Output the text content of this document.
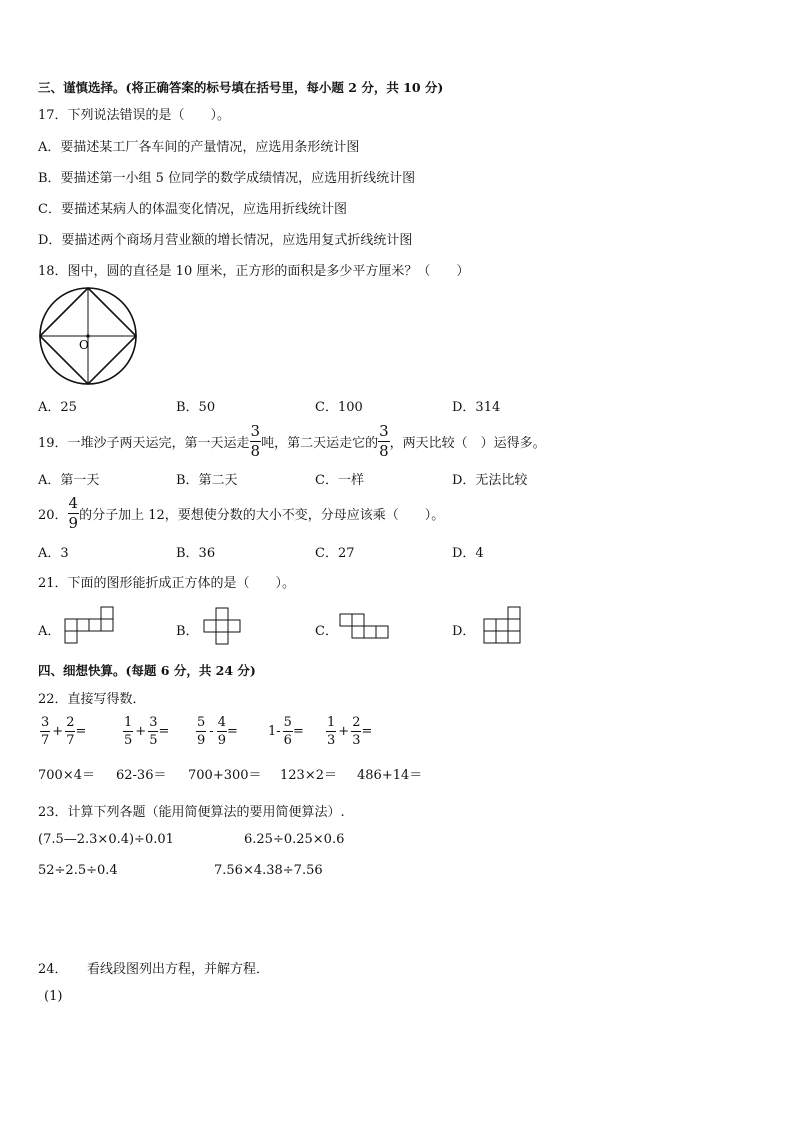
三、谨慎选择。(将正确答案的标号填在括号里，每小题 2 分，共 10 分)
17．下列说法错误的是（　　）。
A．要描述某工厂各车间的产量情况，应选用条形统计图
B．要描述第一小组 5 位同学的数学成绩情况，应选用折线统计图
C．要描述某病人的体温变化情况，应选用折线统计图
D．要描述两个商场月营业额的增长情况，应选用复式折线统计图
18．图中，圆的直径是 10 厘米，正方形的面积是多少平方厘米？（　　）
O
A．25	B．50	C．100	D．314
19．一堆沙子两天运完，第一天运走 $\frac{3}{8}$ 吨，第二天运走它的 $\frac{3}{8}$ ，两天比较（　）运得多。
A．第一天	B．第二天	C．一样	D．无法比较
20． $\frac{4}{9}$ 的分子加上 12，要想使分数的大小不变，分母应该乘（　　）。
A．3	B．36	C．27	D．4
21．下面的图形能折成正方体的是（　　）。
A．	B．	C．	D．
四、细想快算。(每题 6 分，共 24 分)
22．直接写得数．
$\frac{3}{7} + \frac{2}{7}$ =	$\frac{1}{5} + \frac{3}{5} = \frac{5}{9} - \frac{4}{9} = 1- \frac{5}{6} = \frac{1}{3} + \frac{2}{3}$ =
700×4＝ 62-36＝ 700+300＝ 123×2＝ 486+14＝
23．计算下列各题（能用简便算法的要用简便算法）.
(7.5—2.3×0.4)÷0.01	6.25÷0.25×0.6
52÷2.5÷0.4	7.56×4.38÷7.56
24．　　看线段图列出方程，并解方程．
(1)
